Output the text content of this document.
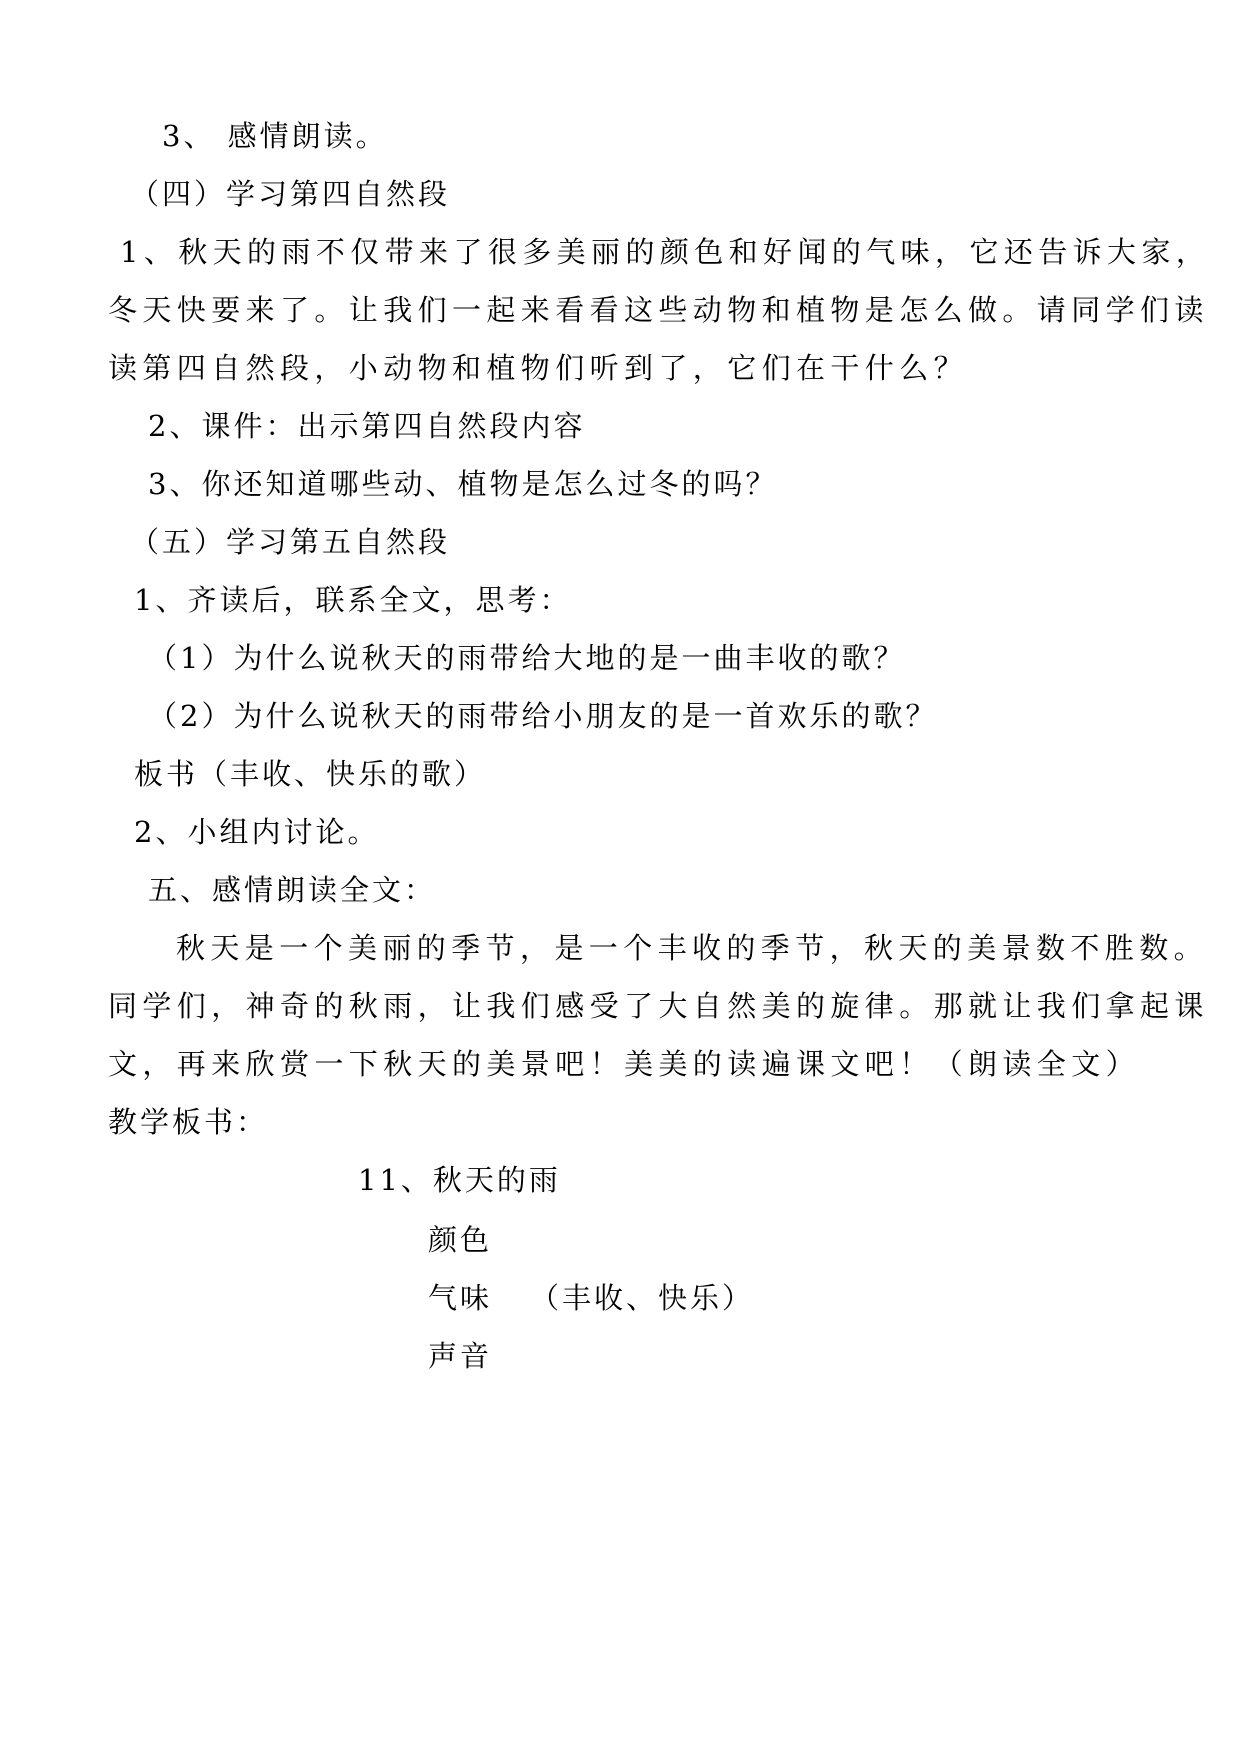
3、 感情朗读。

（四）学习第四自然段

1、秋天的雨不仅带来了很多美丽的颜色和好闻的气味，它还告诉大家，

冬天快要来了。让我们一起来看看这些动物和植物是怎么做。请同学们读

读第四自然段，小动物和植物们听到了，它们在干什么？

2、课件：出示第四自然段内容

3、你还知道哪些动、植物是怎么过冬的吗？

（五）学习第五自然段

1、齐读后，联系全文，思考：

（1）为什么说秋天的雨带给大地的是一曲丰收的歌？

（2）为什么说秋天的雨带给小朋友的是一首欢乐的歌？

板书（丰收、快乐的歌）

2、小组内讨论。

五、感情朗读全文：

秋天是一个美丽的季节，是一个丰收的季节，秋天的美景数不胜数。

同学们，神奇的秋雨，让我们感受了大自然美的旋律。那就让我们拿起课

文，再来欣赏一下秋天的美景吧！美美的读遍课文吧！（朗读全文）

教学板书：

11、秋天的雨

颜色

气味 （丰收、快乐）

声音
